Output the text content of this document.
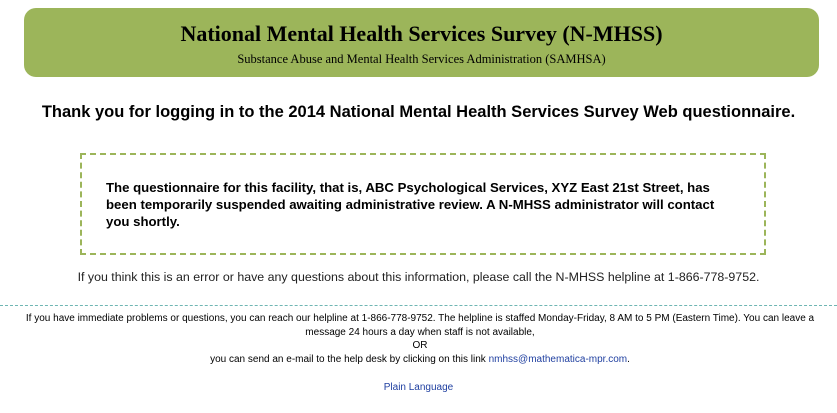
National Mental Health Services Survey (N-MHSS)
Substance Abuse and Mental Health Services Administration (SAMHSA)
Thank you for logging in to the 2014 National Mental Health Services Survey Web questionnaire.
The questionnaire for this facility, that is, ABC Psychological Services, XYZ East 21st Street, has been temporarily suspended awaiting administrative review. A N-MHSS administrator will contact you shortly.
If you think this is an error or have any questions about this information, please call the N-MHSS helpline at 1-866-778-9752.
If you have immediate problems or questions, you can reach our helpline at 1-866-778-9752. The helpline is staffed Monday-Friday, 8 AM to 5 PM (Eastern Time). You can leave a message 24 hours a day when staff is not available,
OR
you can send an e-mail to the help desk by clicking on this link nmhss@mathematica-mpr.com.
Plain Language
